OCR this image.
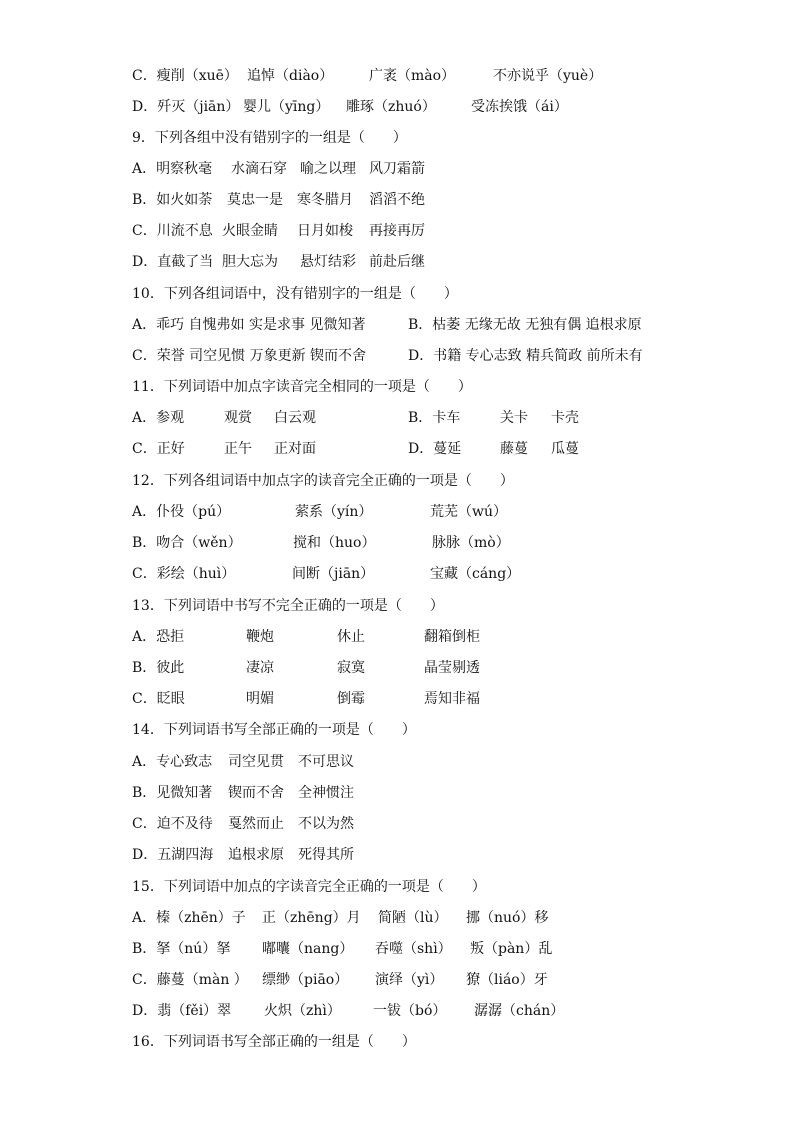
C．瘦削（xuē） 追悼（diào）	广袤（mào）	不亦说乎（yuè）
D．歼灭（jiān） 婴儿（yīng） 雕琢（zhuó）	受冻挨饿（ái）
9．下列各组中没有错别字的一组是（　　）
A．明察秋毫 水滴石穿 喻之以理 风刀霜箭
B．如火如荼 莫忠一是 寒冬腊月 滔滔不绝
C．川流不息 火眼金睛 日月如梭 再接再厉
D．直截了当 胆大忘为 悬灯结彩 前赴后继
10．下列各组词语中，没有错别字的一组是（　　）
A．乖巧 自愧弗如 实是求事 见微知著	B．枯萎 无缘无故 无独有偶 追根求原
C．荣誉 司空见惯 万象更新 锲而不舍	D．书籍 专心志致 精兵简政 前所未有
11．下列词语中加点字读音完全相同的一项是（　　）
A．参观	观赏 白云观	B．卡车	关卡 卡壳
C．正好	正午 正对面	D．蔓延	藤蔓 瓜蔓
12．下列各组词语中加点字的读音完全正确的一项是（　　）
A．仆役（pú）	萦系（yín）	荒芜（wú）
B．吻合（wěn）	搅和（huo）	脉脉（mò）
C．彩绘（huì）	间断（jiān）	宝藏（cáng）
13．下列词语中书写不完全正确的一项是（　　）
A．恐拒	鞭炮	休止	翻箱倒柜
B．彼此	凄凉	寂寞	晶莹剔透
C．眨眼	明媚	倒霉	焉知非福
14．下列词语书写全部正确的一项是（　　）
A．专心致志 司空见贯 不可思议
B．见微知著 锲而不舍 全神惯注
C．迫不及待 戛然而止 不以为然
D．五湖四海 追根求原 死得其所
15．下列词语中加点的字读音完全正确的一项是（　　）
A．榛（zhēn）子 正（zhēng）月 简陋（lù） 挪（nuó）移
B．拏（nú）拏 嘟囔（nang） 吞噬（shì） 叛（pàn）乱
C．藤蔓（màn ） 缥缈（piāo） 演绎（yì） 獠（liáo）牙
D．翡（fěi）翠 火炽（zhì） 一钹（bó） 潺潺（chán）
16．下列词语书写全部正确的一组是（　　）
